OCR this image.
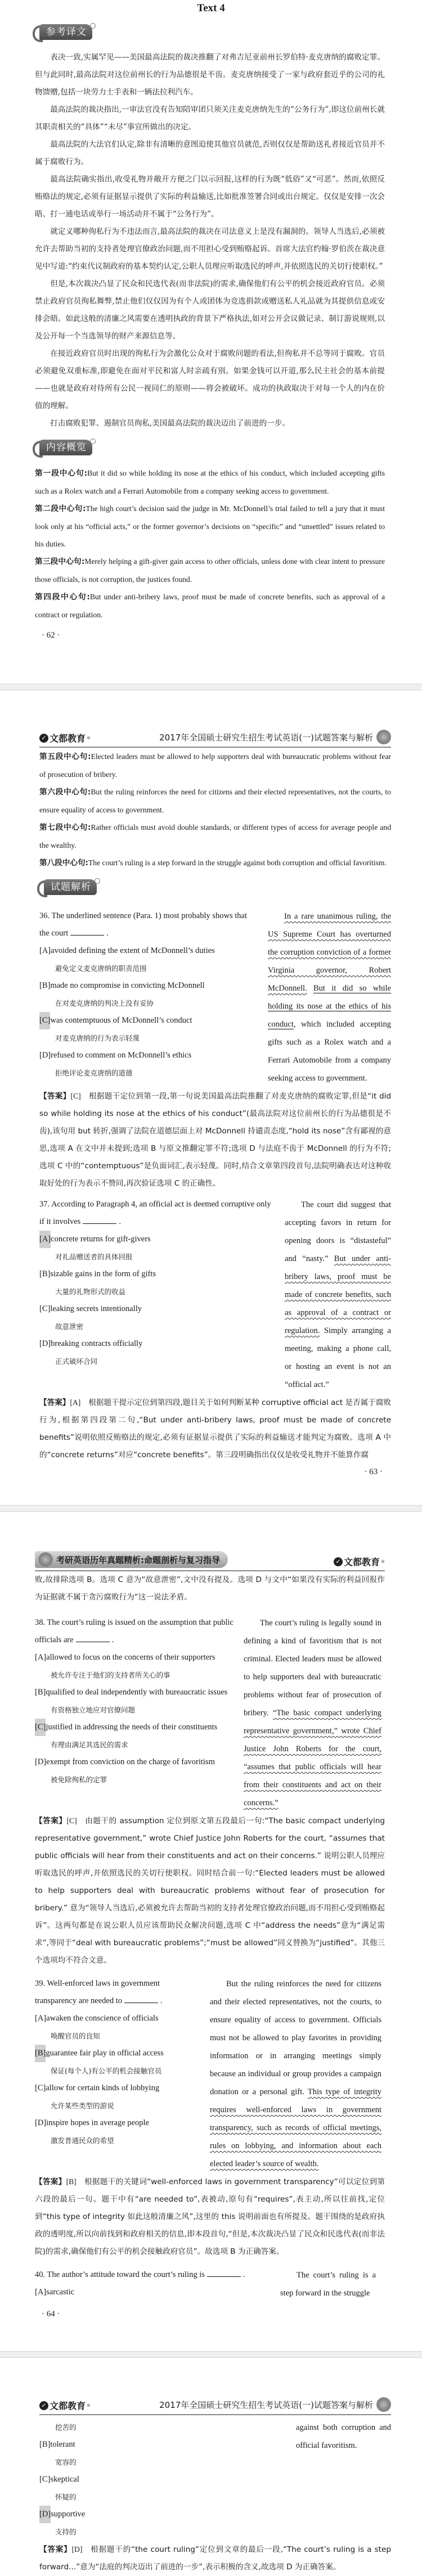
Text 4
参考译文

表决一致,实属罕见——美国最高法院的裁决推翻了对弗吉尼亚前州长罗伯特·麦克唐纳的腐败定罪。但与此同时,最高法院对这位前州长的行为品德很是不齿。麦克唐纳接受了一家与政府套近乎的公司的礼物馈赠,包括一块劳力士手表和一辆法拉利汽车。

最高法院的裁决指出,一审法官没有告知陪审团只须关注麦克唐纳先生的“公务行为”,即这位前州长就其职责相关的“具体”“未尽”事宜所做出的决定。

最高法院的大法官们认定,除非有清晰的意图迫使其他官员就范,否则仅仅是帮助送礼者接近官员并不属于腐败行为。

最高法院确实指出,收受礼物并敞开方便之门以示回报,这样的行为既“低俗”又“可恶”。然而,依照反贿赂法的规定,必须有证据显示提供了实际的利益输送,比如批准签署合同或出台规定。仅仅是安排一次会晤、打一通电话或举行一场活动并不属于“公务行为”。

就定义哪种徇私行为不违法而言,最高法院的裁决在司法意义上是没有漏洞的。领导人当选后,必须被允许去帮助当初的支持者处理官僚政治问题,而不用担心受到贿赂起诉。首席大法官约翰·罗伯茨在裁决意见中写道:“约束代议制政府的基本契约认定,公职人员理应听取选民的呼声,并依照选民的关切行使职权。”

但是,本次裁决凸显了民众和民选代表(而非法院)的需求,确保他们有公平的机会接近政府官员。必须禁止政府官员徇私舞弊,禁止他们仅仅因为有个人或团体为竞选捐款或赠送私人礼品就为其提供信息或安排会晤。如此这般的清廉之风需要在透明执政的背景下严格执法,如对公开会议做记录、制订游说规则,以及公开每一个当选领导的财产来源信息等。

在接近政府官员时出现的徇私行为会激化公众对于腐败问题的看法,但徇私并不总等同于腐败。官员必须避免双重标准,即避免在面对平民和富人时亲疏有别。如果金钱可以开道,那么民主社会的基本前提——也就是政府对待所有公民一视同仁的原则——将会被破坏。成功的执政取决于对每一个人的内在价值的理解。

打击腐败犯罪、遏制官员徇私,美国最高法院的裁决迈出了前进的一步。

内容概览

第一段中心句:But it did so while holding its nose at the ethics of his conduct, which included accepting gifts such as a Rolex watch and a Ferrari Automobile from a company seeking access to government.

第二段中心句:The high court’s decision said the judge in Mr. McDonnell’s trial failed to tell a jury that it must look only at his “official acts,” or the former governor’s decisions on “specific” and “unsettled” issues related to his duties.

第三段中心句:Merely helping a gift-giver gain access to other officials, unless done with clear intent to pressure those officials, is not corruption, the justices found.

第四段中心句:But under anti-bribery laws, proof must be made of concrete benefits, such as approval of a contract or regulation.

· 62 ·
✓ 文都教育 ®	2017年全国硕士研究生招生考试英语(一)试题答案与解析

第五段中心句:Elected leaders must be allowed to help supporters deal with bureaucratic problems without fear of prosecution of bribery.

第六段中心句:But the ruling reinforces the need for citizens and their elected representatives, not the courts, to ensure equality of access to government.

第七段中心句:Rather officials must avoid double standards, or different types of access for average people and the wealthy.

第八段中心句:The court’s ruling is a step forward in the struggle against both corruption and official favoritism.

试题解析

36. The underlined sentence (Para. 1) most probably shows that the court	.

[A]avoided defining the extent of McDonnell’s duties
避免定义麦克唐纳的职责范围

[B]made no compromise in convicting McDonnell
在对麦克唐纳的判决上没有妥协

[C]was contemptuous of McDonnell’s conduct
对麦克唐纳的行为表示轻蔑

[D]refused to comment on McDonnell’s ethics
拒绝评论麦克唐纳的道德

In a rare unanimous ruling, the US Supreme Court has overturned the corruption conviction of a former Virginia governor, Robert McDonnell. But it did so while holding its nose at the ethics of his conduct, which included accepting gifts such as a Rolex watch and a Ferrari Automobile from a company seeking access to government.

【答案】[C] 根据题干定位到第一段,第一句说美国最高法院推翻了对麦克唐纳的腐败定罪,但是“it did so while holding its nose at the ethics of his conduct”(最高法院对这位前州长的行为品德很是不齿),该句用 but 转折,强调了法院在道德层面上对 McDonnell 持谴责态度,“hold its nose”含有鄙视的意思,选项 A 在文中并未提到;选项 B 与原文推翻定罪不符;选项 D 与法庭不齿于 McDonnell 的行为不符;选项 C 中的“contemptuous”是负面词汇,表示轻蔑。同时,结合文章第四段首句,法院明确表达对这种收取好处的行为表示不赞同,再次验证选项 C 的正确性。

37. According to Paragraph 4, an official act is deemed corruptive only if it involves	.

[A]concrete returns for gift-givers
对礼品赠送者的具体回报

[B]sizable gains in the form of gifts
大量的礼物形式的收益

[C]leaking secrets intentionally
故意泄密

[D]breaking contracts officially
正式破坏合同

The court did suggest that accepting favors in return for opening doors is “distasteful” and “nasty.” But under anti-bribery laws, proof must be made of concrete benefits, such as approval of a contract or regulation. Simply arranging a meeting, making a phone call, or hosting an event is not an “official act.”

【答案】[A] 根据题干提示定位到第四段,题目关于如何判断某种 corruptive official act 是否属于腐败行为,根据第四段第二句,“But under anti-bribery laws, proof must be made of concrete benefits”说明依照反贿赂法的规定,必须有证据显示提供了实际的利益输送才能判定为腐败。选项 A 中的“concrete returns”对应“concrete benefits”。第三段明确指出仅仅是收受礼物并不能算作腐

· 63 ·
考研英语历年真题精析:命题剖析与复习指导	✓ 文都教育 ®

败,故排除选项 B。选项 C 意为“故意泄密”,文中没有提及。选项 D 与文中“如果没有实际的利益回报作为证据就不属于贪污腐败行为”这一说法矛盾。

38. The court’s ruling is issued on the assumption that public officials are	.

[A]allowed to focus on the concerns of their supporters
被允许专注于他们的支持者所关心的事

[B]qualified to deal independently with bureaucratic issues
有资格独立地应对官僚问题

[C]justified in addressing the needs of their constituents
有理由满足其选民的需求

[D]exempt from conviction on the charge of favoritism
被免除徇私的定罪

The court’s ruling is legally sound in defining a kind of favoritism that is not criminal. Elected leaders must be allowed to help supporters deal with bureaucratic problems without fear of prosecution of bribery. “The basic compact underlying representative government,” wrote Chief Justice John Roberts for the court, “assumes that public officials will hear from their constituents and act on their concerns.”

【答案】[C] 由题干的 assumption 定位到原文第五段最后一句:“The basic compact underlying representative government,” wrote Chief Justice John Roberts for the court, “assumes that public officials will hear from their constituents and act on their concerns.” 说明公职人员理应听取选民的呼声,并依照选民的关切行使职权。同时结合前一句:“Elected leaders must be allowed to help supporters deal with bureaucratic problems without fear of prosecution for bribery.” 意为“领导人当选后,必须被允许去帮助当初的支持者处理官僚政治问题,而不用担心受到贿赂起诉”。这两句都是在说公职人员应该帮助民众解决问题,选项 C 中“address the needs”意为“满足需求”,等同于“deal with bureaucratic problems”;“must be allowed”同义替换为“justified”。其他三个选项均不符合文意。

39. Well-enforced laws in government transparency are needed to	.

[A]awaken the conscience of officials
唤醒官员的良知

[B]guarantee fair play in official access
保证(每个人)有公平的机会接触官员

[C]allow for certain kinds of lobbying
允许某些类型的游说

[D]inspire hopes in average people
激发普通民众的希望

But the ruling reinforces the need for citizens and their elected representatives, not the courts, to ensure equality of access to government. Officials must not be allowed to play favorites in providing information or in arranging meetings simply because an individual or group provides a campaign donation or a personal gift. This type of integrity requires well-enforced laws in government transparency, such as records of official meetings, rules on lobbying, and information about each elected leader’s source of wealth.

【答案】[B] 根据题干的关键词“well-enforced laws in government transparency”可以定位到第六段的最后一句。题干中有“are needed to”,表被动,原句有“requires”,表主动,所以往前找,定位到“this type of integrity 如此这般清廉之风”,这里的 this 说明前面也有所提及。题干围绕的是政府执政的透明度,所以向前找到和政府相关的信息,即本段首句,“但是,本次裁决凸显了民众和民选代表(而非法院)的需求,确保他们有公平的机会接触政府官员”。故选项 B 为正确答案。

40. The author’s attitude toward the court’s ruling is	.

[A]sarcastic

The court’s ruling is a step forward in the struggle
· 64 ·
✓ 文都教育 ®	2017年全国硕士研究生招生考试英语(一)试题答案与解析

挖苦的

[B]tolerant
宽容的

[C]skeptical
怀疑的

[D]supportive
支持的

against both corruption and official favoritism.

【答案】[D] 根据题干的“the court ruling”定位到文章的最后一段,“The court’s ruling is a step forward...”意为“法庭的判决迈出了前进的一步”,表示积极的含义,故选项 D 为正确答案。
